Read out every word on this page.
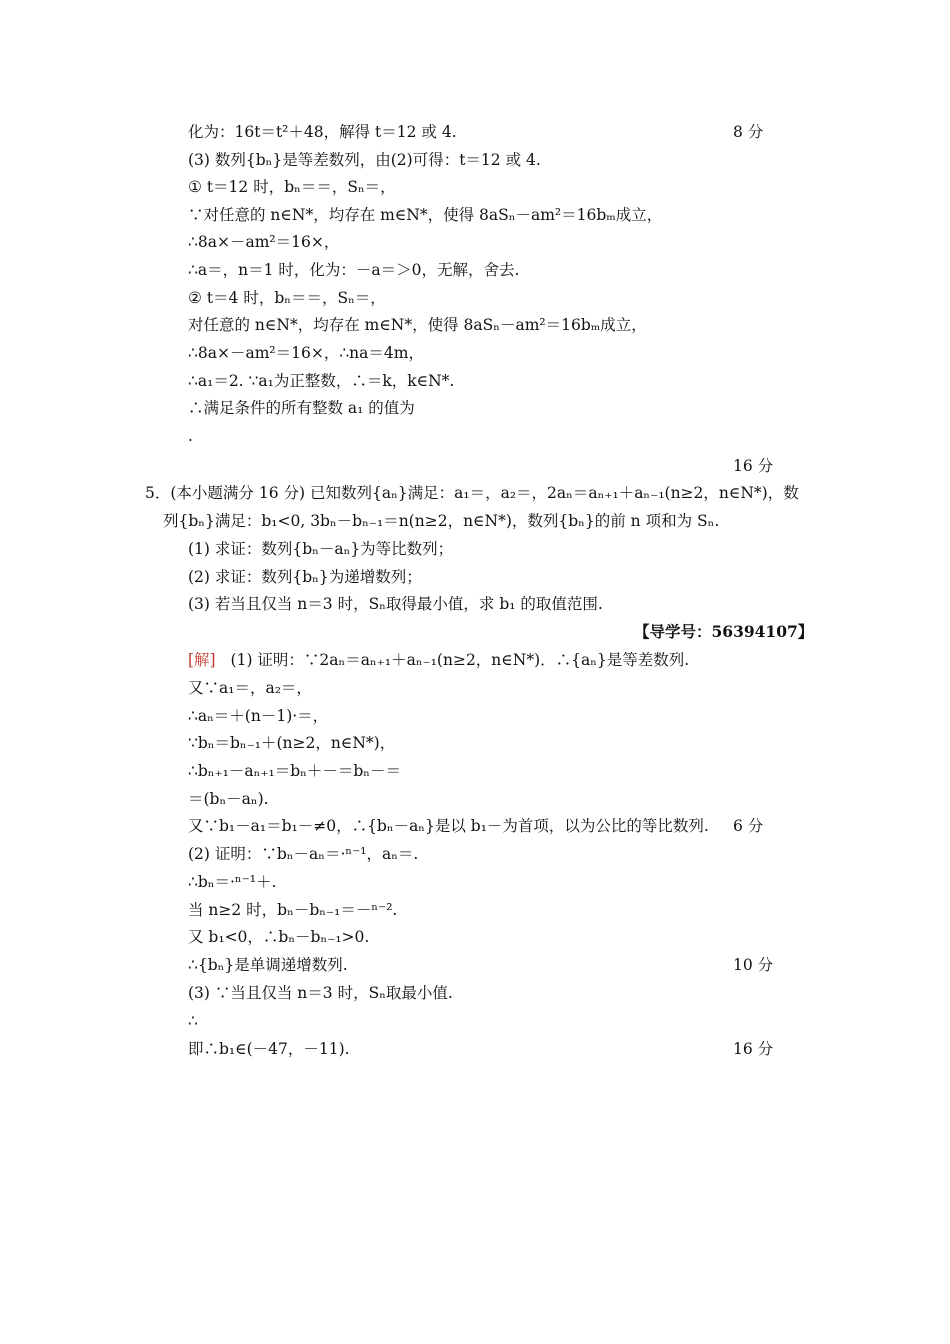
化为：16t＝t²＋48，解得 t＝12 或 4.	8 分
(3) 数列{bₙ}是等差数列，由(2)可得：t＝12 或 4.
① t＝12 时，bₙ＝＝，Sₙ＝，
∵对任意的 n∈N*，均存在 m∈N*，使得 8aSₙ－am²＝16bₘ成立，
∴8a×－am²＝16×，
∴a＝，n＝1 时，化为：－a＝＞0，无解，舍去.
② t＝4 时，bₙ＝＝，Sₙ＝，
对任意的 n∈N*，均存在 m∈N*，使得 8aSₙ－am²＝16bₘ成立，
∴8a×－am²＝16×，∴na＝4m，
∴a₁＝2. ∵a₁为正整数，∴＝k，k∈N*.
∴满足条件的所有整数 a₁ 的值为
.
16 分
5．(本小题满分 16 分) 已知数列{aₙ}满足：a₁＝，a₂＝，2aₙ＝aₙ₊₁＋aₙ₋₁(n≥2，n∈N*)，数
列{bₙ}满足：b₁<0, 3bₙ－bₙ₋₁＝n(n≥2，n∈N*)，数列{bₙ}的前 n 项和为 Sₙ.
(1) 求证：数列{bₙ－aₙ}为等比数列；
(2) 求证：数列{bₙ}为递增数列；
(3) 若当且仅当 n＝3 时，Sₙ取得最小值，求 b₁ 的取值范围.
【导学号：56394107】
[解] (1) 证明：∵2aₙ＝aₙ₊₁＋aₙ₋₁(n≥2，n∈N*)．∴{aₙ}是等差数列.
又∵a₁＝，a₂＝，
∴aₙ＝＋(n－1)·＝，
∵bₙ＝bₙ₋₁＋(n≥2，n∈N*)，
∴bₙ₊₁－aₙ₊₁＝bₙ＋－＝bₙ－＝
＝(bₙ－aₙ).
又∵b₁－a₁＝b₁－≠0，∴{bₙ－aₙ}是以 b₁－为首项，以为公比的等比数列. 6 分
(2) 证明：∵bₙ－aₙ＝·ⁿ⁻¹，aₙ＝.
∴bₙ＝·ⁿ⁻¹＋.
当 n≥2 时，bₙ－bₙ₋₁＝－ⁿ⁻².
又 b₁<0，∴bₙ－bₙ₋₁>0.
∴{bₙ}是单调递增数列.	10 分
(3) ∵当且仅当 n＝3 时，Sₙ取最小值.
∴
即∴b₁∈(－47，－11).	16 分
